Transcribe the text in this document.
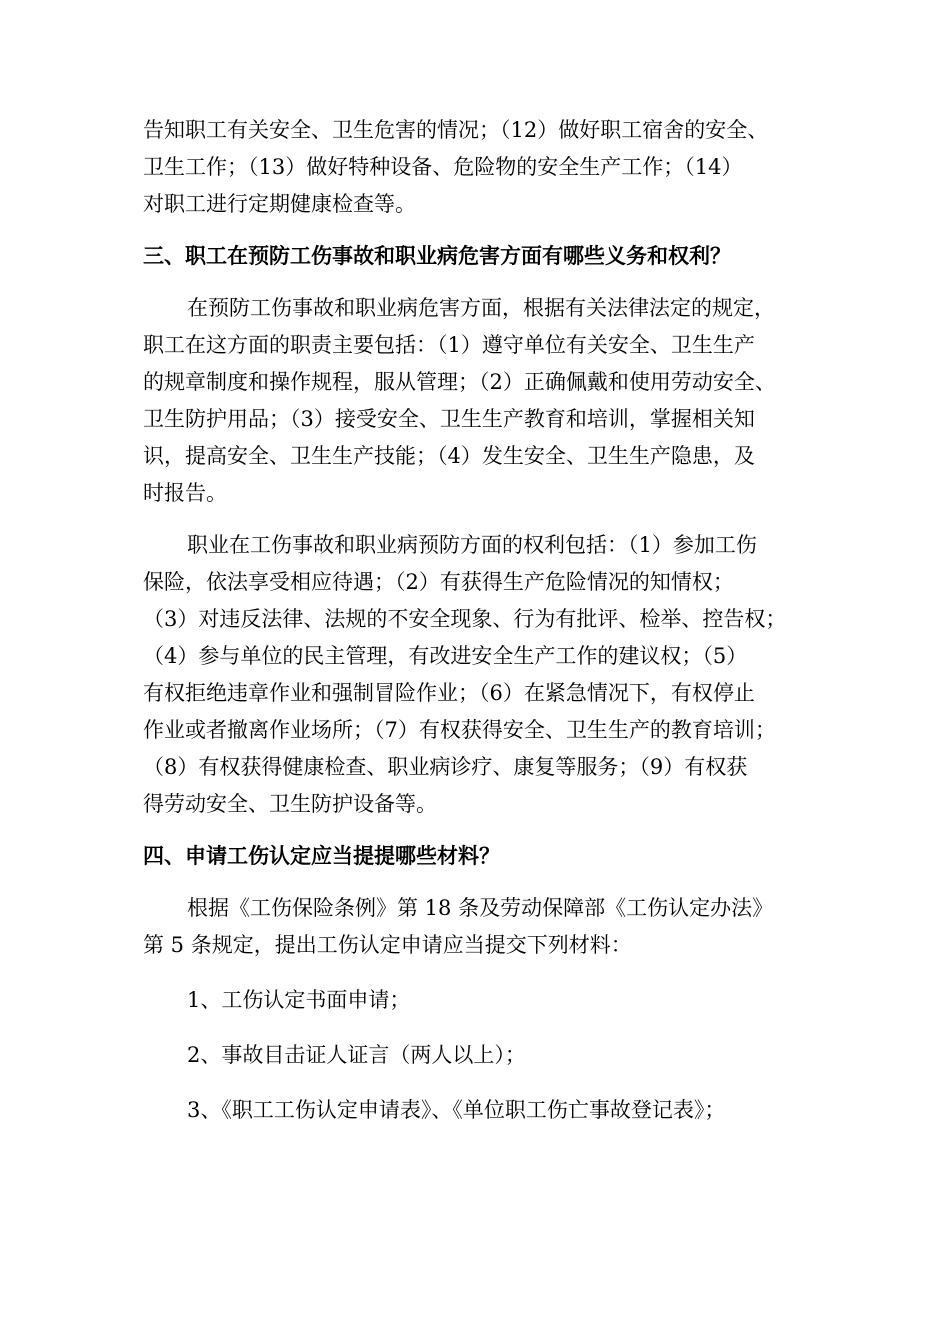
告知职工有关安全、卫生危害的情况；（12）做好职工宿舍的安全、
卫生工作；（13）做好特种设备、危险物的安全生产工作；（14）
对职工进行定期健康检查等。
三、职工在预防工伤事故和职业病危害方面有哪些义务和权利？
在预防工伤事故和职业病危害方面，根据有关法律法定的规定，
职工在这方面的职责主要包括：（1）遵守单位有关安全、卫生生产
的规章制度和操作规程，服从管理；（2）正确佩戴和使用劳动安全、
卫生防护用品；（3）接受安全、卫生生产教育和培训，掌握相关知
识，提高安全、卫生生产技能；（4）发生安全、卫生生产隐患，及
时报告。
职业在工伤事故和职业病预防方面的权利包括：（1）参加工伤
保险，依法享受相应待遇；（2）有获得生产危险情况的知情权；
（3）对违反法律、法规的不安全现象、行为有批评、检举、控告权；
（4）参与单位的民主管理，有改进安全生产工作的建议权；（5）
有权拒绝违章作业和强制冒险作业；（6）在紧急情况下，有权停止
作业或者撤离作业场所；（7）有权获得安全、卫生生产的教育培训；
（8）有权获得健康检查、职业病诊疗、康复等服务；（9）有权获
得劳动安全、卫生防护设备等。
四、申请工伤认定应当提提哪些材料？
根据《工伤保险条例》第 18 条及劳动保障部《工伤认定办法》
第 5 条规定，提出工伤认定申请应当提交下列材料：
1、工伤认定书面申请；
2、事故目击证人证言（两人以上）；
3、《职工工伤认定申请表》、《单位职工伤亡事故登记表》；
